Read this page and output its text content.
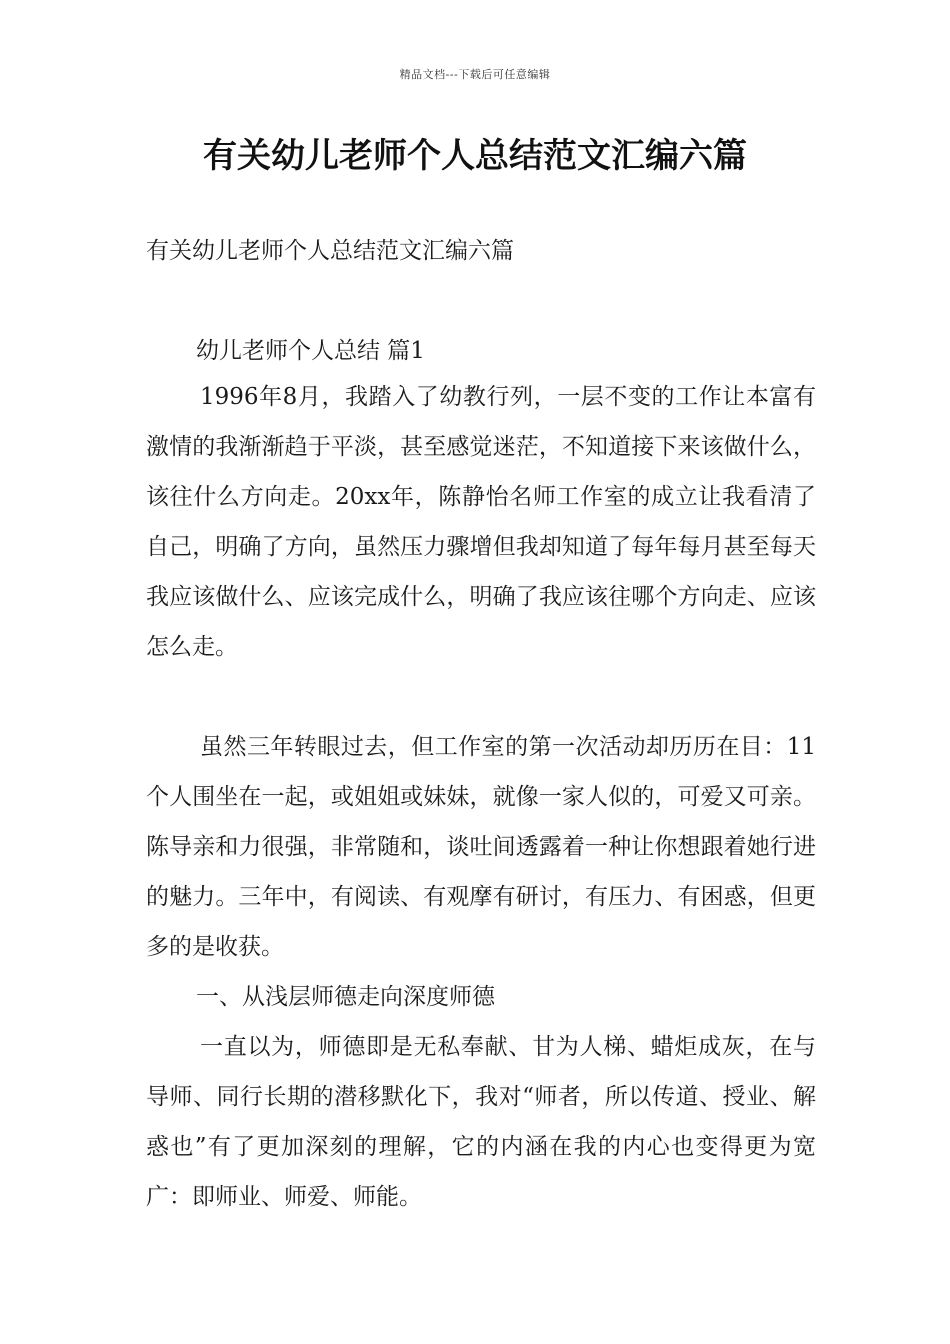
精品文档---下载后可任意编辑
有关幼儿老师个人总结范文汇编六篇

有关幼儿老师个人总结范文汇编六篇

幼儿老师个人总结 篇1

1996年8月，我踏入了幼教行列，一层不变的工作让本富有激情的我渐渐趋于平淡，甚至感觉迷茫，不知道接下来该做什么，该往什么方向走。20xx年，陈静怡名师工作室的成立让我看清了自己，明确了方向，虽然压力骤增但我却知道了每年每月甚至每天我应该做什么、应该完成什么，明确了我应该往哪个方向走、应该怎么走。

虽然三年转眼过去，但工作室的第一次活动却历历在目：11个人围坐在一起，或姐姐或妹妹，就像一家人似的，可爱又可亲。陈导亲和力很强，非常随和，谈吐间透露着一种让你想跟着她行进的魅力。三年中，有阅读、有观摩有研讨，有压力、有困惑，但更多的是收获。

一、从浅层师德走向深度师德

一直以为，师德即是无私奉献、甘为人梯、蜡炬成灰，在与导师、同行长期的潜移默化下，我对“师者，所以传道、授业、解惑也”有了更加深刻的理解，它的内涵在我的内心也变得更为宽广：即师业、师爱、师能。
